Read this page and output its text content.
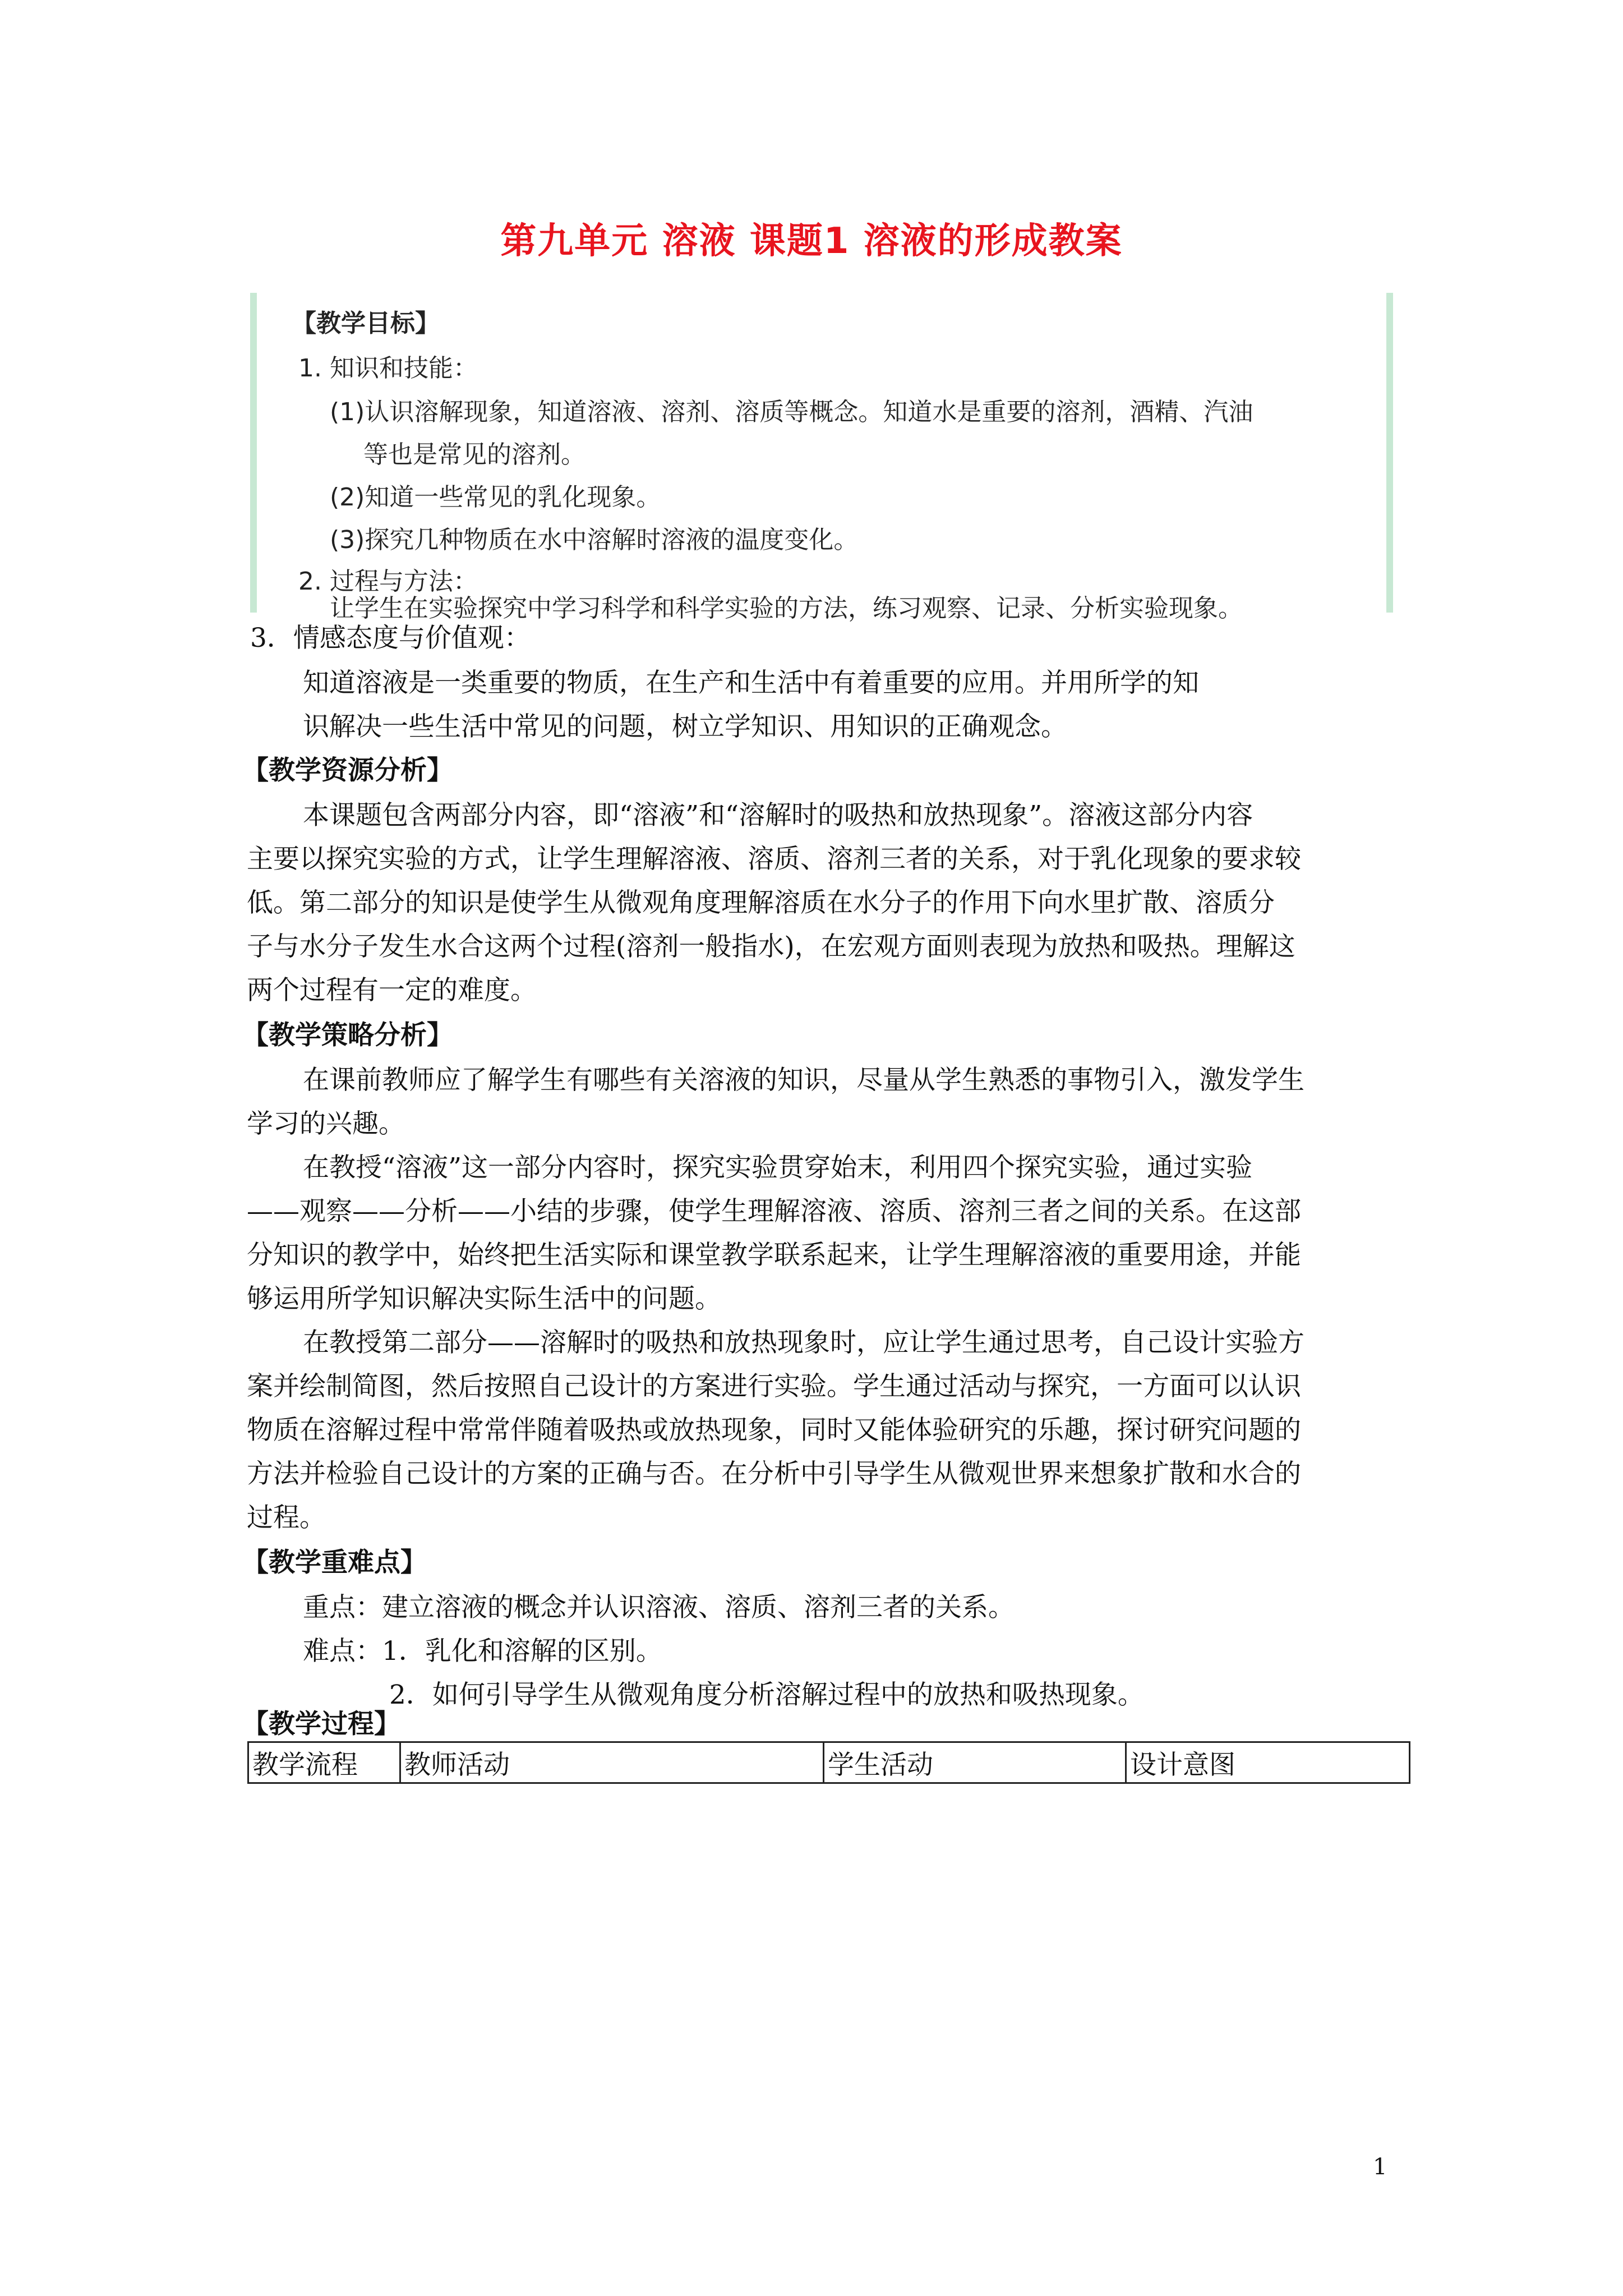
第九单元 溶液 课题1 溶液的形成教案
【教学目标】
1. 知识和技能：
(1)认识溶解现象，知道溶液、溶剂、溶质等概念。知道水是重要的溶剂，酒精、汽油
等也是常见的溶剂。
(2)知道一些常见的乳化现象。
(3)探究几种物质在水中溶解时溶液的温度变化。
2. 过程与方法：
让学生在实验探究中学习科学和科学实验的方法，练习观察、记录、分析实验现象。
3．情感态度与价值观：
知道溶液是一类重要的物质，在生产和生活中有着重要的应用。并用所学的知
识解决一些生活中常见的问题，树立学知识、用知识的正确观念。
【教学资源分析】
本课题包含两部分内容，即“溶液”和“溶解时的吸热和放热现象”。溶液这部分内容
主要以探究实验的方式，让学生理解溶液、溶质、溶剂三者的关系，对于乳化现象的要求较
低。第二部分的知识是使学生从微观角度理解溶质在水分子的作用下向水里扩散、溶质分
子与水分子发生水合这两个过程(溶剂一般指水)，在宏观方面则表现为放热和吸热。理解这
两个过程有一定的难度。
【教学策略分析】
在课前教师应了解学生有哪些有关溶液的知识，尽量从学生熟悉的事物引入，激发学生
学习的兴趣。
在教授“溶液”这一部分内容时，探究实验贯穿始末，利用四个探究实验，通过实验
——观察——分析——小结的步骤，使学生理解溶液、溶质、溶剂三者之间的关系。在这部
分知识的教学中，始终把生活实际和课堂教学联系起来，让学生理解溶液的重要用途，并能
够运用所学知识解决实际生活中的问题。
在教授第二部分——溶解时的吸热和放热现象时，应让学生通过思考，自己设计实验方
案并绘制简图，然后按照自己设计的方案进行实验。学生通过活动与探究，一方面可以认识
物质在溶解过程中常常伴随着吸热或放热现象，同时又能体验研究的乐趣，探讨研究问题的
方法并检验自己设计的方案的正确与否。在分析中引导学生从微观世界来想象扩散和水合的
过程。
【教学重难点】
重点：建立溶液的概念并认识溶液、溶质、溶剂三者的关系。
难点：1．乳化和溶解的区别。
2．如何引导学生从微观角度分析溶解过程中的放热和吸热现象。
【教学过程】
教学流程	教师活动	学生活动	设计意图
1
